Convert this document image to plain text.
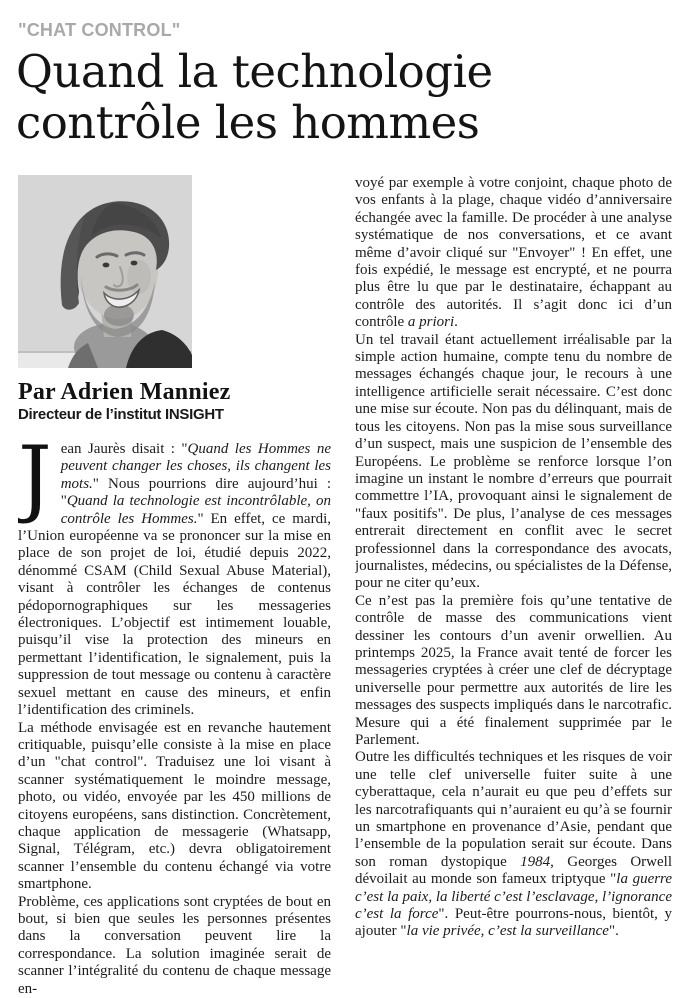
"CHAT CONTROL"
Quand la technologie
contrôle les hommes
Par Adrien Manniez
Directeur de l’institut INSIGHT

Jean Jaurès disait : "Quand les Hommes ne peuvent changer les choses, ils changent les mots." Nous pourrions dire aujourd’hui : "Quand la technologie est incontrôlable, on contrôle les Hommes." En effet, ce mardi, l’Union européenne va se prononcer sur la mise en place de son projet de loi, étudié depuis 2022, dénommé CSAM (Child Sexual Abuse Material), visant à contrôler les échanges de contenus pédopornographiques sur les messageries électroniques. L’objectif est intimement louable, puisqu’il vise la protection des mineurs en permettant l’identification, le signalement, puis la suppression de tout message ou contenu à caractère sexuel mettant en cause des mineurs, et enfin l’identification des criminels.

La méthode envisagée est en revanche hautement critiquable, puisqu’elle consiste à la mise en place d’un "chat control". Traduisez une loi visant à scanner systématiquement le moindre message, photo, ou vidéo, envoyée par les 450 millions de citoyens européens, sans distinction. Concrètement, chaque application de messagerie (Whatsapp, Signal, Télégram, etc.) devra obligatoirement scanner l’ensemble du contenu échangé via votre smartphone.

Problème, ces applications sont cryptées de bout en bout, si bien que seules les personnes présentes dans la conversation peuvent lire la correspondance. La solution imaginée serait de scanner l’intégralité du contenu de chaque message en-

voyé par exemple à votre conjoint, chaque photo de vos enfants à la plage, chaque vidéo d’anniversaire échangée avec la famille. De procéder à une analyse systématique de nos conversations, et ce avant même d’avoir cliqué sur "Envoyer" ! En effet, une fois expédié, le message est encrypté, et ne pourra plus être lu que par le destinataire, échappant au contrôle des autorités. Il s’agit donc ici d’un contrôle a priori.

Un tel travail étant actuellement irréalisable par la simple action humaine, compte tenu du nombre de messages échangés chaque jour, le recours à une intelligence artificielle serait nécessaire. C’est donc une mise sur écoute. Non pas du délinquant, mais de tous les citoyens. Non pas la mise sous surveillance d’un suspect, mais une suspicion de l’ensemble des Européens. Le problème se renforce lorsque l’on imagine un instant le nombre d’erreurs que pourrait commettre l’IA, provoquant ainsi le signalement de "faux positifs". De plus, l’analyse de ces messages entrerait directement en conflit avec le secret professionnel dans la correspondance des avocats, journalistes, médecins, ou spécialistes de la Défense, pour ne citer qu’eux.

Ce n’est pas la première fois qu’une tentative de contrôle de masse des communications vient dessiner les contours d’un avenir orwellien. Au printemps 2025, la France avait tenté de forcer les messageries cryptées à créer une clef de décryptage universelle pour permettre aux autorités de lire les messages des suspects impliqués dans le narcotrafic. Mesure qui a été finalement supprimée par le Parlement.

Outre les difficultés techniques et les risques de voir une telle clef universelle fuiter suite à une cyberattaque, cela n’aurait eu que peu d’effets sur les narcotrafiquants qui n’auraient eu qu’à se fournir un smartphone en provenance d’Asie, pendant que l’ensemble de la population serait sur écoute. Dans son roman dystopique 1984, Georges Orwell dévoilait au monde son fameux triptyque "la guerre c’est la paix, la liberté c’est l’esclavage, l’ignorance c’est la force". Peut-être pourrons-nous, bientôt, y ajouter "la vie privée, c’est la surveillance".
